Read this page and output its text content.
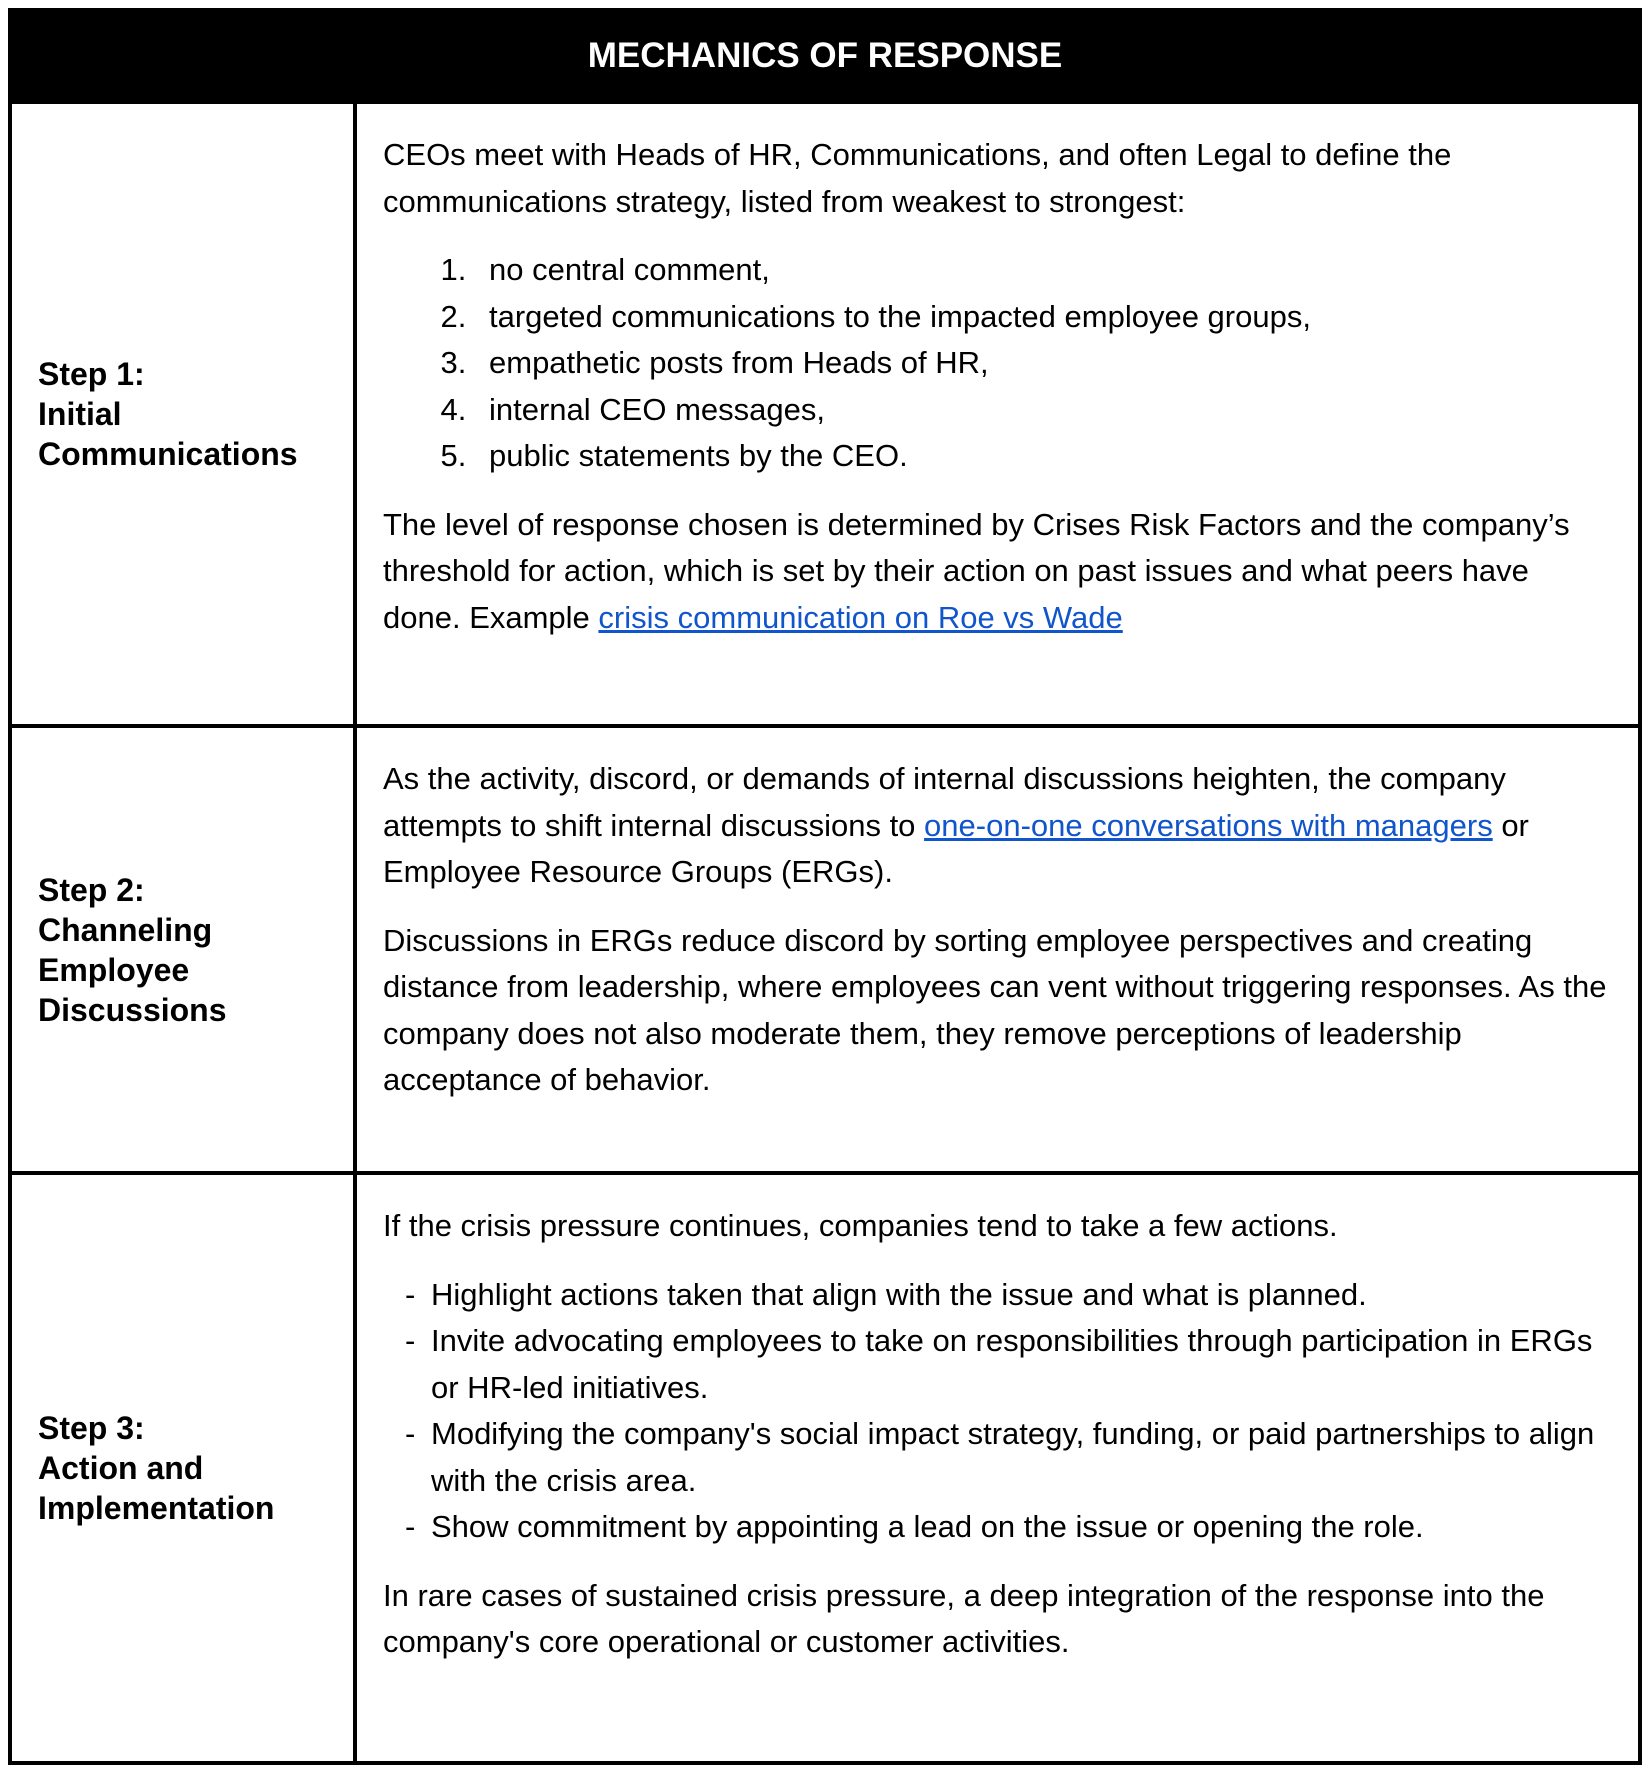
MECHANICS OF RESPONSE
Step 1:
Initial Communications

CEOs meet with Heads of HR, Communications, and often Legal to define the communications strategy, listed from weakest to strongest:

1. no central comment,
2. targeted communications to the impacted employee groups,
3. empathetic posts from Heads of HR,
4. internal CEO messages,
5. public statements by the CEO.

The level of response chosen is determined by Crises Risk Factors and the company’s threshold for action, which is set by their action on past issues and what peers have done. Example crisis communication on Roe vs Wade

Step 2:
Channeling Employee Discussions

As the activity, discord, or demands of internal discussions heighten, the company attempts to shift internal discussions to one-on-one conversations with managers or Employee Resource Groups (ERGs).

Discussions in ERGs reduce discord by sorting employee perspectives and creating distance from leadership, where employees can vent without triggering responses. As the company does not also moderate them, they remove perceptions of leadership acceptance of behavior.

Step 3:
Action and Implementation

If the crisis pressure continues, companies tend to take a few actions.

- Highlight actions taken that align with the issue and what is planned.
- Invite advocating employees to take on responsibilities through participation in ERGs or HR-led initiatives.
- Modifying the company's social impact strategy, funding, or paid partnerships to align with the crisis area.
- Show commitment by appointing a lead on the issue or opening the role.

In rare cases of sustained crisis pressure, a deep integration of the response into the company's core operational or customer activities.
